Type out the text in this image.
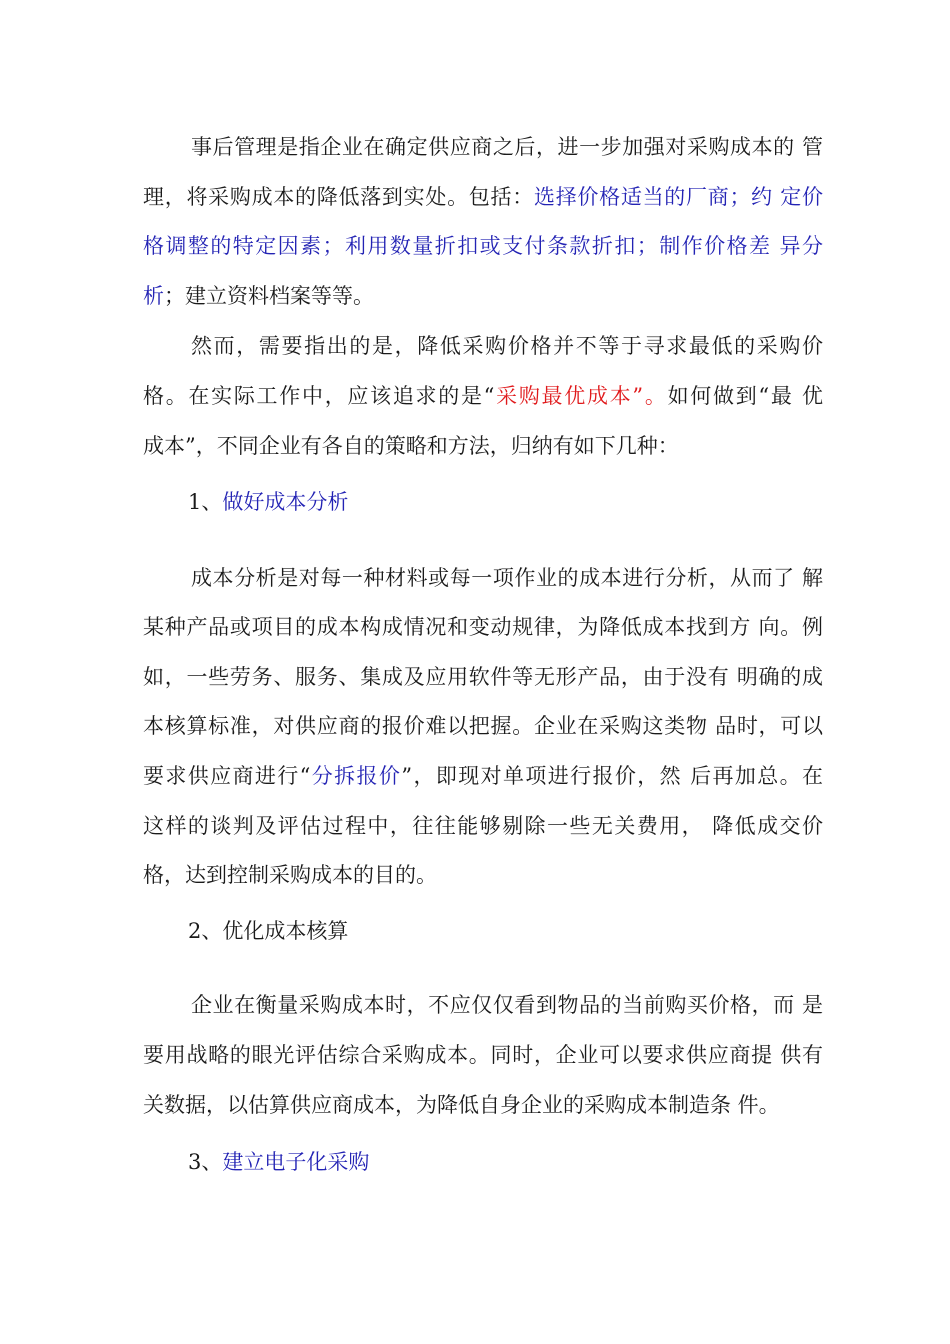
事后管理是指企业在确定供应商之后，进一步加强对采购成本的 管
理，将采购成本的降低落到实处。包括：选择价格适当的厂商；约 定价
格调整的特定因素；利用数量折扣或支付条款折扣；制作价格差 异分
析；建立资料档案等等。
然而，需要指出的是，降低采购价格并不等于寻求最低的采购价
格。在实际工作中，应该追求的是“采购最优成本”。如何做到“最 优
成本”，不同企业有各自的策略和方法，归纳有如下几种：
1、做好成本分析
成本分析是对每一种材料或每一项作业的成本进行分析，从而了 解
某种产品或项目的成本构成情况和变动规律，为降低成本找到方 向。例
如，一些劳务、服务、集成及应用软件等无形产品，由于没有 明确的成
本核算标准，对供应商的报价难以把握。企业在采购这类物 品时，可以
要求供应商进行“分拆报价”，即现对单项进行报价，然 后再加总。在
这样的谈判及评估过程中，往往能够剔除一些无关费用， 降低成交价
格，达到控制采购成本的目的。
2、优化成本核算
企业在衡量采购成本时，不应仅仅看到物品的当前购买价格，而 是
要用战略的眼光评估综合采购成本。同时，企业可以要求供应商提 供有
关数据，以估算供应商成本，为降低自身企业的采购成本制造条 件。
3、建立电子化采购
